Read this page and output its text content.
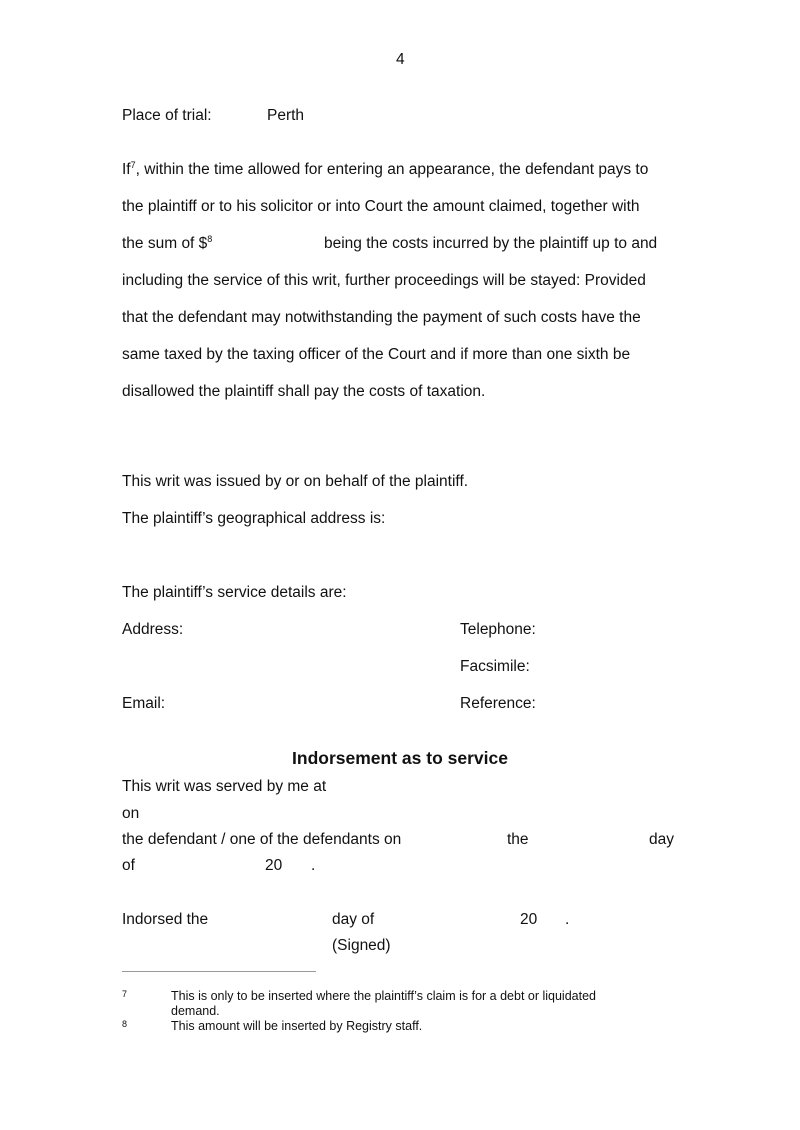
4
Place of trial:	Perth
If$^7$, within the time allowed for entering an appearance, the defendant pays to
the plaintiff or to his solicitor or into Court the amount claimed, together with
the sum of \$$^8$	being the costs incurred by the plaintiff up to and
including the service of this writ, further proceedings will be stayed: Provided
that the defendant may notwithstanding the payment of such costs have the
same taxed by the taxing officer of the Court and if more than one sixth be
disallowed the plaintiff shall pay the costs of taxation.
This writ was issued by or on behalf of the plaintiff.
The plaintiff’s geographical address is:
The plaintiff’s service details are:
Address:	Telephone:
Facsimile:
Email:	Reference:
Indorsement as to service
This writ was served by me at
on
the defendant / one of the defendants on	the	day
of	20 .
Indorsed the	day of	20 .
(Signed)
7	This is only to be inserted where the plaintiff’s claim is for a debt or liquidated
demand.
8	This amount will be inserted by Registry staff.
